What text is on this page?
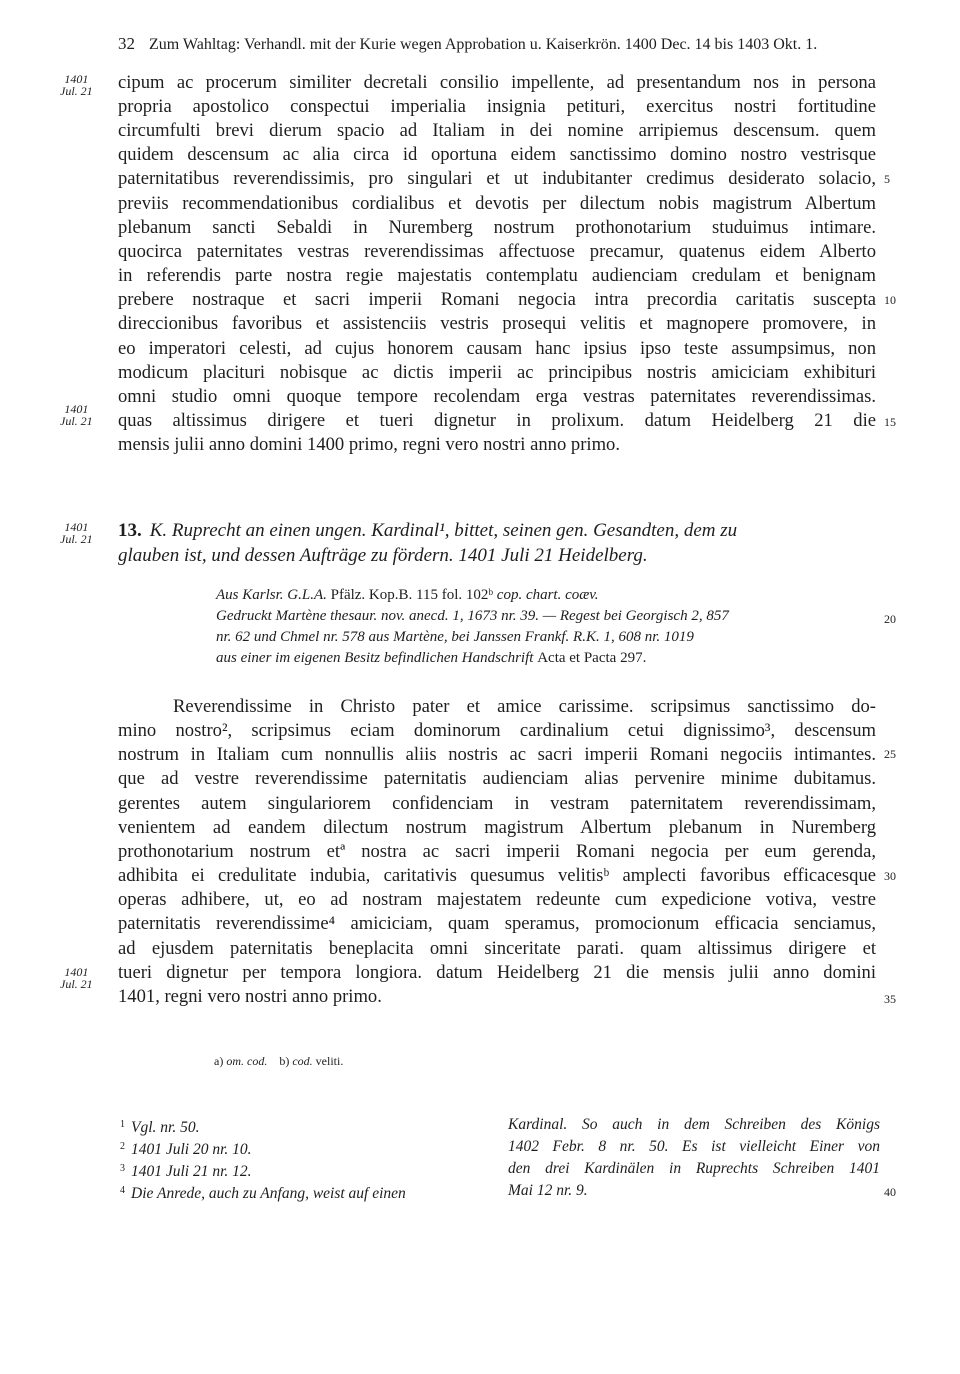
32 Zum Wahltag: Verhandl. mit der Kurie wegen Approbation u. Kaiserkrön. 1400 Dec. 14 bis 1403 Okt. 1.
1401
Jul. 21
1401
Jul. 21
1401
Jul. 21
1401
Jul. 21
5
10
15
20
25
30
35
40
cipum ac procerum similiter decretali consilio impellente, ad presentandum nos in persona
propria apostolico conspectui imperialia insignia petituri, exercitus nostri fortitudine
circumfulti brevi dierum spacio ad Italiam in dei nomine arripiemus descensum. quem
quidem descensum ac alia circa id oportuna eidem sanctissimo domino nostro vestrisque
paternitatibus reverendissimis, pro singulari et ut indubitanter credimus desiderato solacio,
previis recommendationibus cordialibus et devotis per dilectum nobis magistrum Albertum
plebanum sancti Sebaldi in Nuremberg nostrum prothonotarium studuimus intimare.
quocirca paternitates vestras reverendissimas affectuose precamur, quatenus eidem Alberto
in referendis parte nostra regie majestatis contemplatu audienciam credulam et benignam
prebere nostraque et sacri imperii Romani negocia intra precordia caritatis suscepta
direccionibus favoribus et assistenciis vestris prosequi velitis et magnopere promovere, in
eo imperatori celesti, ad cujus honorem causam hanc ipsius ipso teste assumpsimus, non
modicum placituri nobisque ac dictis imperii ac principibus nostris amiciciam exhibituri
omni studio omni quoque tempore recolendam erga vestras paternitates reverendissimas.
quas altissimus dirigere et tueri dignetur in prolixum. datum Heidelberg 21 die
mensis julii anno domini 1400 primo, regni vero nostri anno primo.
13. K. Ruprecht an einen ungen. Kardinal¹, bittet, seinen gen. Gesandten, dem zu
glauben ist, und dessen Aufträge zu fördern. 1401 Juli 21 Heidelberg.
Aus Karlsr. G.L.A. Pfälz. Kop.B. 115 fol. 102ᵇ cop. chart. coæv.
Gedruckt Martène thesaur. nov. anecd. 1, 1673 nr. 39. — Regest bei Georgisch 2, 857
nr. 62 und Chmel nr. 578 aus Martène, bei Janssen Frankf. R.K. 1, 608 nr. 1019
aus einer im eigenen Besitz befindlichen Handschrift Acta et Pacta 297.
Reverendissime in Christo pater et amice carissime. scripsimus sanctissimo do-
mino nostro², scripsimus eciam dominorum cardinalium cetui dignissimo³, descensum
nostrum in Italiam cum nonnullis aliis nostris ac sacri imperii Romani negociis intimantes.
que ad vestre reverendissime paternitatis audienciam alias pervenire minime dubitamus.
gerentes autem singulariorem confidenciam in vestram paternitatem reverendissimam,
venientem ad eandem dilectum nostrum magistrum Albertum plebanum in Nuremberg
prothonotarium nostrum etª nostra ac sacri imperii Romani negocia per eum gerenda,
adhibita ei credulitate indubia, caritativis quesumus velitisᵇ amplecti favoribus efficacesque
operas adhibere, ut, eo ad nostram majestatem redeunte cum expedicione votiva, vestre
paternitatis reverendissime⁴ amiciciam, quam speramus, promocionum efficacia senciamus,
ad ejusdem paternitatis beneplacita omni sinceritate parati. quam altissimus dirigere et
tueri dignetur per tempora longiora. datum Heidelberg 21 die mensis julii anno domini
1401, regni vero nostri anno primo.
a) om. cod. b) cod. veliti.
$^1$ Vgl. nr. 50.
$^2$ 1401 Juli 20 nr. 10.
$^3$ 1401 Juli 21 nr. 12.
$^4$ Die Anrede, auch zu Anfang, weist auf einen
Kardinal. So auch in dem Schreiben des Königs
1402 Febr. 8 nr. 50. Es ist vielleicht Einer von
den drei Kardinälen in Ruprechts Schreiben 1401
Mai 12 nr. 9.
